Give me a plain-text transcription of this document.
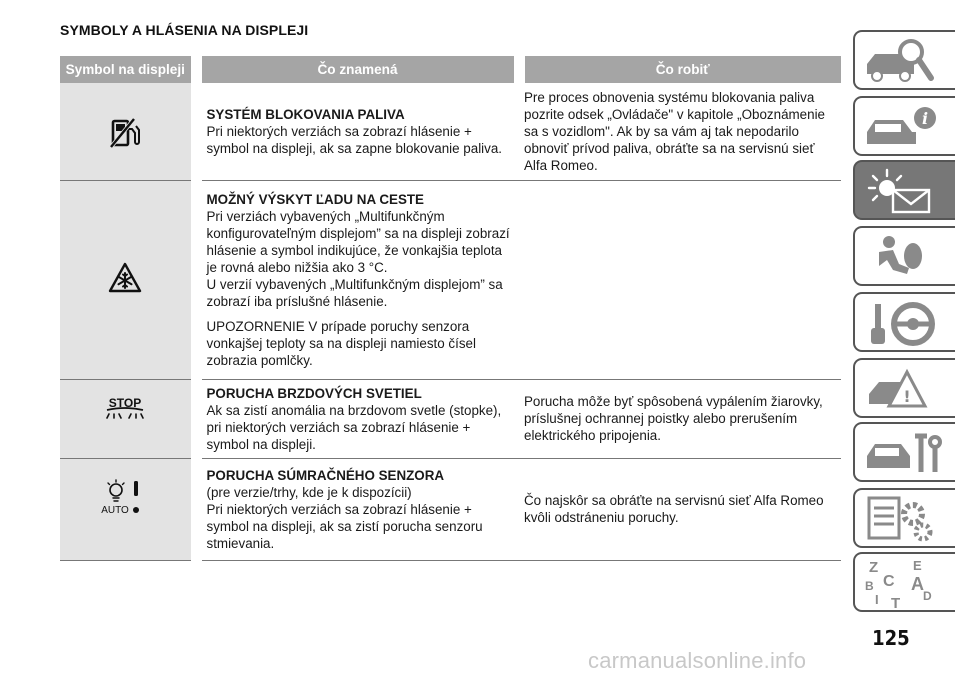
SYMBOLY A HLÁSENIA NA DISPLEJI
Symbol na displeji	Čo znamená	Čo robiť

SYSTÉM BLOKOVANIA PALIVA
Pri niektorých verziách sa zobrazí hlásenie + symbol na displeji, ak sa zapne blokovanie paliva.	Pre proces obnovenia systému blokovania paliva pozrite odsek „Ovládače" v kapitole „Oboznámenie sa s vozidlom". Ak by sa vám aj tak nepodarilo obnoviť prívod paliva, obráťte sa na servisnú sieť Alfa Romeo.

MOŽNÝ VÝSKYT ĽADU NA CESTE
Pri verziách vybavených „Multifunkčným konfigurovateľným displejom” sa na displeji zobrazí hlásenie a symbol indikujúce, že vonkajšia teplota je rovná alebo nižšia ako 3 °C.
U verzií vybavených „Multifunkčným displejom” sa zobrazí iba príslušné hlásenie.
UPOZORNENIE V prípade poruchy senzora vonkajšej teploty sa na displeji namiesto čísel zobrazia pomlčky.	

STOP	PORUCHA BRZDOVÝCH SVETIEL
Ak sa zistí anomália na brzdovom svetle (stopke), pri niektorých verziách sa zobrazí hlásenie + symbol na displeji.	Porucha môže byť spôsobená vypálením žiarovky, príslušnej ochrannej poistky alebo prerušením elektrického pripojenia.

AUTO	PORUCHA SÚMRAČNÉHO SENZORA
(pre verzie/trhy, kde je k dispozícii)
Pri niektorých verziách sa zobrazí hlásenie + symbol na displeji, ak sa zistí porucha senzoru stmievania.	Čo najskôr sa obráťte na servisnú sieť Alfa Romeo kvôli odstráneniu poruchy.
i
!
Z	E
B A
C
D
I T
125
carmanualsonline.info
